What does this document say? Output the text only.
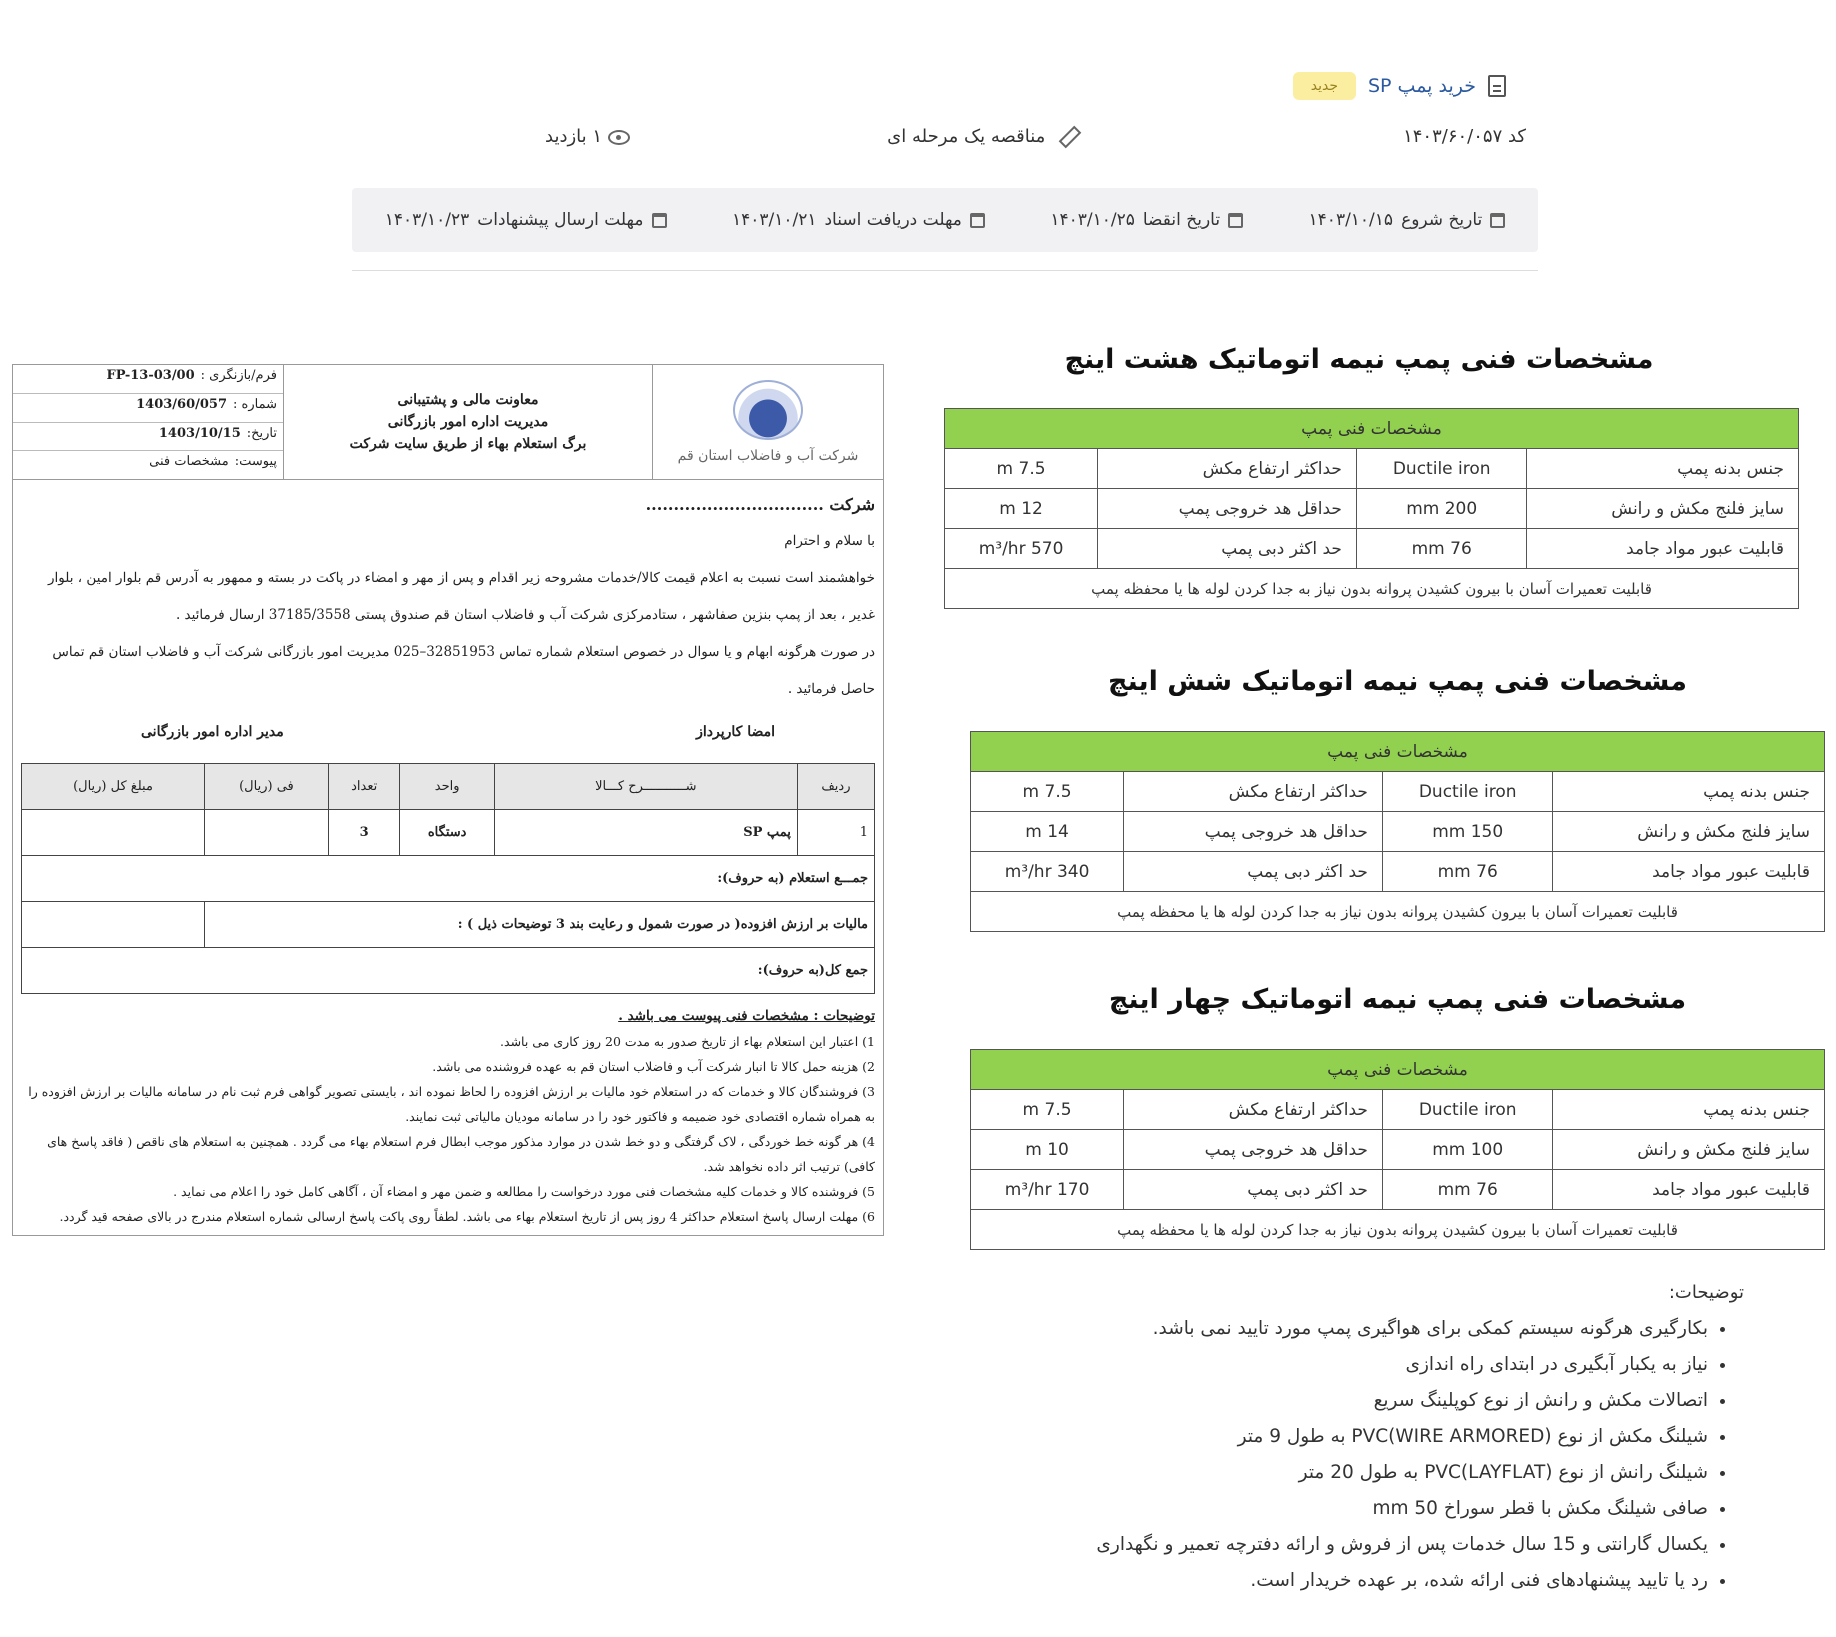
خرید پمپ SP
جدید
کد ۱۴۰۳/۶۰/۰۵۷
مناقصه یک مرحله ای
۱ بازدید
تاریخ شروع
۱۴۰۳/۱۰/۱۵
تاریخ انقضا
۱۴۰۳/۱۰/۲۵
مهلت دریافت اسناد
۱۴۰۳/۱۰/۲۱
مهلت ارسال پیشنهادات
۱۴۰۳/۱۰/۲۳
شرکت آب و فاضلاب استان قم
معاونت مالی و پشتیبانی
مدیریت اداره امور بازرگانی
برگ استعلام بهاء از طریق سایت شرکت
فرم/بازنگری :
FP-13-03/00
شماره :
1403/60/057
تاریخ:
1403/10/15
پیوست:
مشخصات فنی
شرکت ................................
با سلام و احترام
خواهشمند است نسبت به اعلام قیمت کالا/خدمات مشروحه زیر اقدام و پس از مهر و امضاء در پاکت در بسته و ممهور به آدرس قم بلوار امین ، بلوار غدیر ، بعد از پمپ بنزین صفاشهر ، ستادمرکزی شرکت آب و فاضلاب استان قم صندوق پستی 37185/3558 ارسال فرمائید .
در صورت هرگونه ابهام و یا سوال در خصوص استعلام شماره تماس 32851953–025 مدیریت امور بازرگانی شرکت آب و فاضلاب استان قم تماس حاصل فرمائید .
امضا کارپرداز
مدیر اداره امور بازرگانی
ردیف	شـــــــــــرح کـــالا	واحد	تعداد	فی (ریال)	مبلغ کل (ریال)
1	پمپ SP	دستگاه	3		
جمـــع استعلام (به حروف):					
مالیات بر ارزش افزوده( در صورت شمول و رعایت بند 3 توضیحات ذیل ) :					
جمع کل(به حروف):					
توضیحات : مشخصات فنی پیوست می باشد .
1) اعتبار این استعلام بهاء از تاریخ صدور به مدت 20 روز کاری می باشد.
2) هزینه حمل کالا تا انبار شرکت آب و فاضلاب استان قم به عهده فروشنده می باشد.
3) فروشندگان کالا و خدمات که در استعلام خود مالیات بر ارزش افزوده را لحاظ نموده اند ، بایستی تصویر گواهی فرم ثبت نام در سامانه مالیات بر ارزش افزوده را به همراه شماره اقتصادی خود ضمیمه و فاکتور خود را در سامانه مودیان مالیاتی ثبت نمایند.
4) هر گونه خط خوردگی ، لاک گرفتگی و دو خط شدن در موارد مذکور موجب ابطال فرم استعلام بهاء می گردد . همچنین به استعلام های ناقص ( فاقد پاسخ های کافی) ترتیب اثر داده نخواهد شد.
5) فروشنده کالا و خدمات کلیه مشخصات فنی مورد درخواست را مطالعه و ضمن مهر و امضاء آن ، آگاهی کامل خود را اعلام می نماید .
6) مهلت ارسال پاسخ استعلام حداکثر 4 روز پس از تاریخ استعلام بهاء می باشد. لطفاً روی پاکت پاسخ ارسالی شماره استعلام مندرج در بالای صفحه قید گردد.
مشخصات فنی پمپ نیمه اتوماتیک هشت اینچ
مشخصات فنی پمپ			
جنس بدنه پمپ	Ductile iron	حداکثر ارتفاع مکش	7.5 m
سایز فلنج مکش و رانش	200 mm	حداقل هد خروجی پمپ	12 m
قابلیت عبور مواد جامد	76 mm	حد اکثر دبی پمپ	570 m³/hr
قابلیت تعمیرات آسان با بیرون کشیدن پروانه بدون نیاز به جدا کردن لوله ها یا محفظه پمپ			
مشخصات فنی پمپ نیمه اتوماتیک شش اینچ
مشخصات فنی پمپ			
جنس بدنه پمپ	Ductile iron	حداکثر ارتفاع مکش	7.5 m
سایز فلنج مکش و رانش	150 mm	حداقل هد خروجی پمپ	14 m
قابلیت عبور مواد جامد	76 mm	حد اکثر دبی پمپ	340 m³/hr
قابلیت تعمیرات آسان با بیرون کشیدن پروانه بدون نیاز به جدا کردن لوله ها یا محفظه پمپ			
مشخصات فنی پمپ نیمه اتوماتیک چهار اینچ
مشخصات فنی پمپ			
جنس بدنه پمپ	Ductile iron	حداکثر ارتفاع مکش	7.5 m
سایز فلنج مکش و رانش	100 mm	حداقل هد خروجی پمپ	10 m
قابلیت عبور مواد جامد	76 mm	حد اکثر دبی پمپ	170 m³/hr
قابلیت تعمیرات آسان با بیرون کشیدن پروانه بدون نیاز به جدا کردن لوله ها یا محفظه پمپ			
توضیحات:
• بکارگیری هرگونه سیستم کمکی برای هواگیری پمپ مورد تایید نمی باشد.
• نیاز به یکبار آبگیری در ابتدای راه اندازی
• اتصالات مکش و رانش از نوع کوپلینگ سریع
• شیلنگ مکش از نوع PVC(WIRE ARMORED) به طول 9 متر
• شیلنگ رانش از نوع PVC(LAYFLAT) به طول 20 متر
• صافی شیلنگ مکش با قطر سوراخ 50 mm
• یکسال گارانتی و 15 سال خدمات پس از فروش و ارائه دفترچه تعمیر و نگهداری
• رد یا تایید پیشنهادهای فنی ارائه شده، بر عهده خریدار است.
